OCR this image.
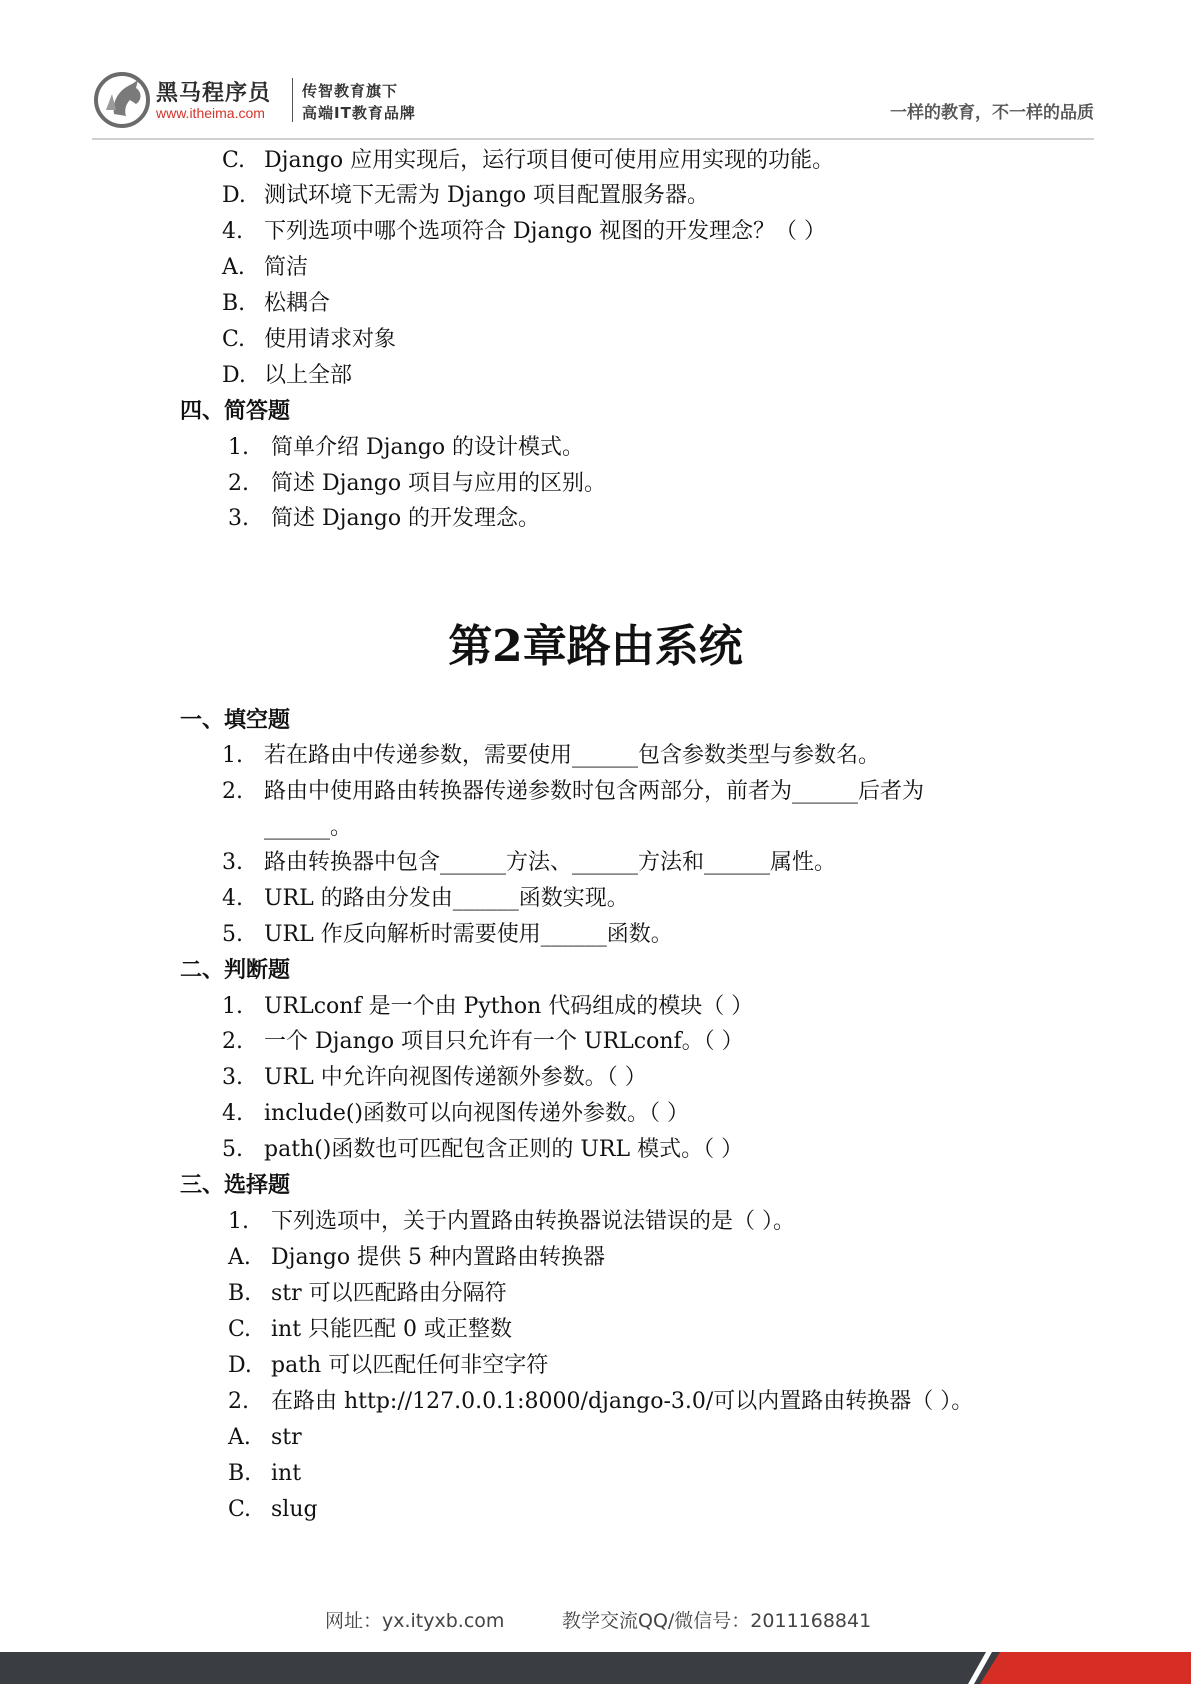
黑马程序员
www.itheima.com
传智教育旗下
高端IT教育品牌	一样的教育，不一样的品质
C. Django 应用实现后，运行项目便可使用应用实现的功能。
D. 测试环境下无需为 Django 项目配置服务器。
4. 下列选项中哪个选项符合 Django 视图的开发理念？（ ）
A. 简洁
B. 松耦合
C. 使用请求对象
D. 以上全部
四、简答题
1. 简单介绍 Django 的设计模式。
2. 简述 Django 项目与应用的区别。
3. 简述 Django 的开发理念。
第2章路由系统
一、填空题
1. 若在路由中传递参数，需要使用______包含参数类型与参数名。
2. 路由中使用路由转换器传递参数时包含两部分，前者为______后者为
______。
3. 路由转换器中包含______方法、______方法和______属性。
4. URL 的路由分发由______函数实现。
5. URL 作反向解析时需要使用______函数。
二、判断题
1. URLconf 是一个由 Python 代码组成的模块（ ）
2. 一个 Django 项目只允许有一个 URLconf。（ ）
3. URL 中允许向视图传递额外参数。（ ）
4. include()函数可以向视图传递外参数。（ ）
5. path()函数也可匹配包含正则的 URL 模式。（ ）
三、选择题
1. 下列选项中，关于内置路由转换器说法错误的是（ ）。
A. Django 提供 5 种内置路由转换器
B. str 可以匹配路由分隔符
C. int 只能匹配 0 或正整数
D. path 可以匹配任何非空字符
2. 在路由 http://127.0.0.1:8000/django-3.0/可以内置路由转换器（ ）。
A. str
B. int
C. slug
网址：yx.ityxb.com	教学交流QQ/微信号：2011168841
